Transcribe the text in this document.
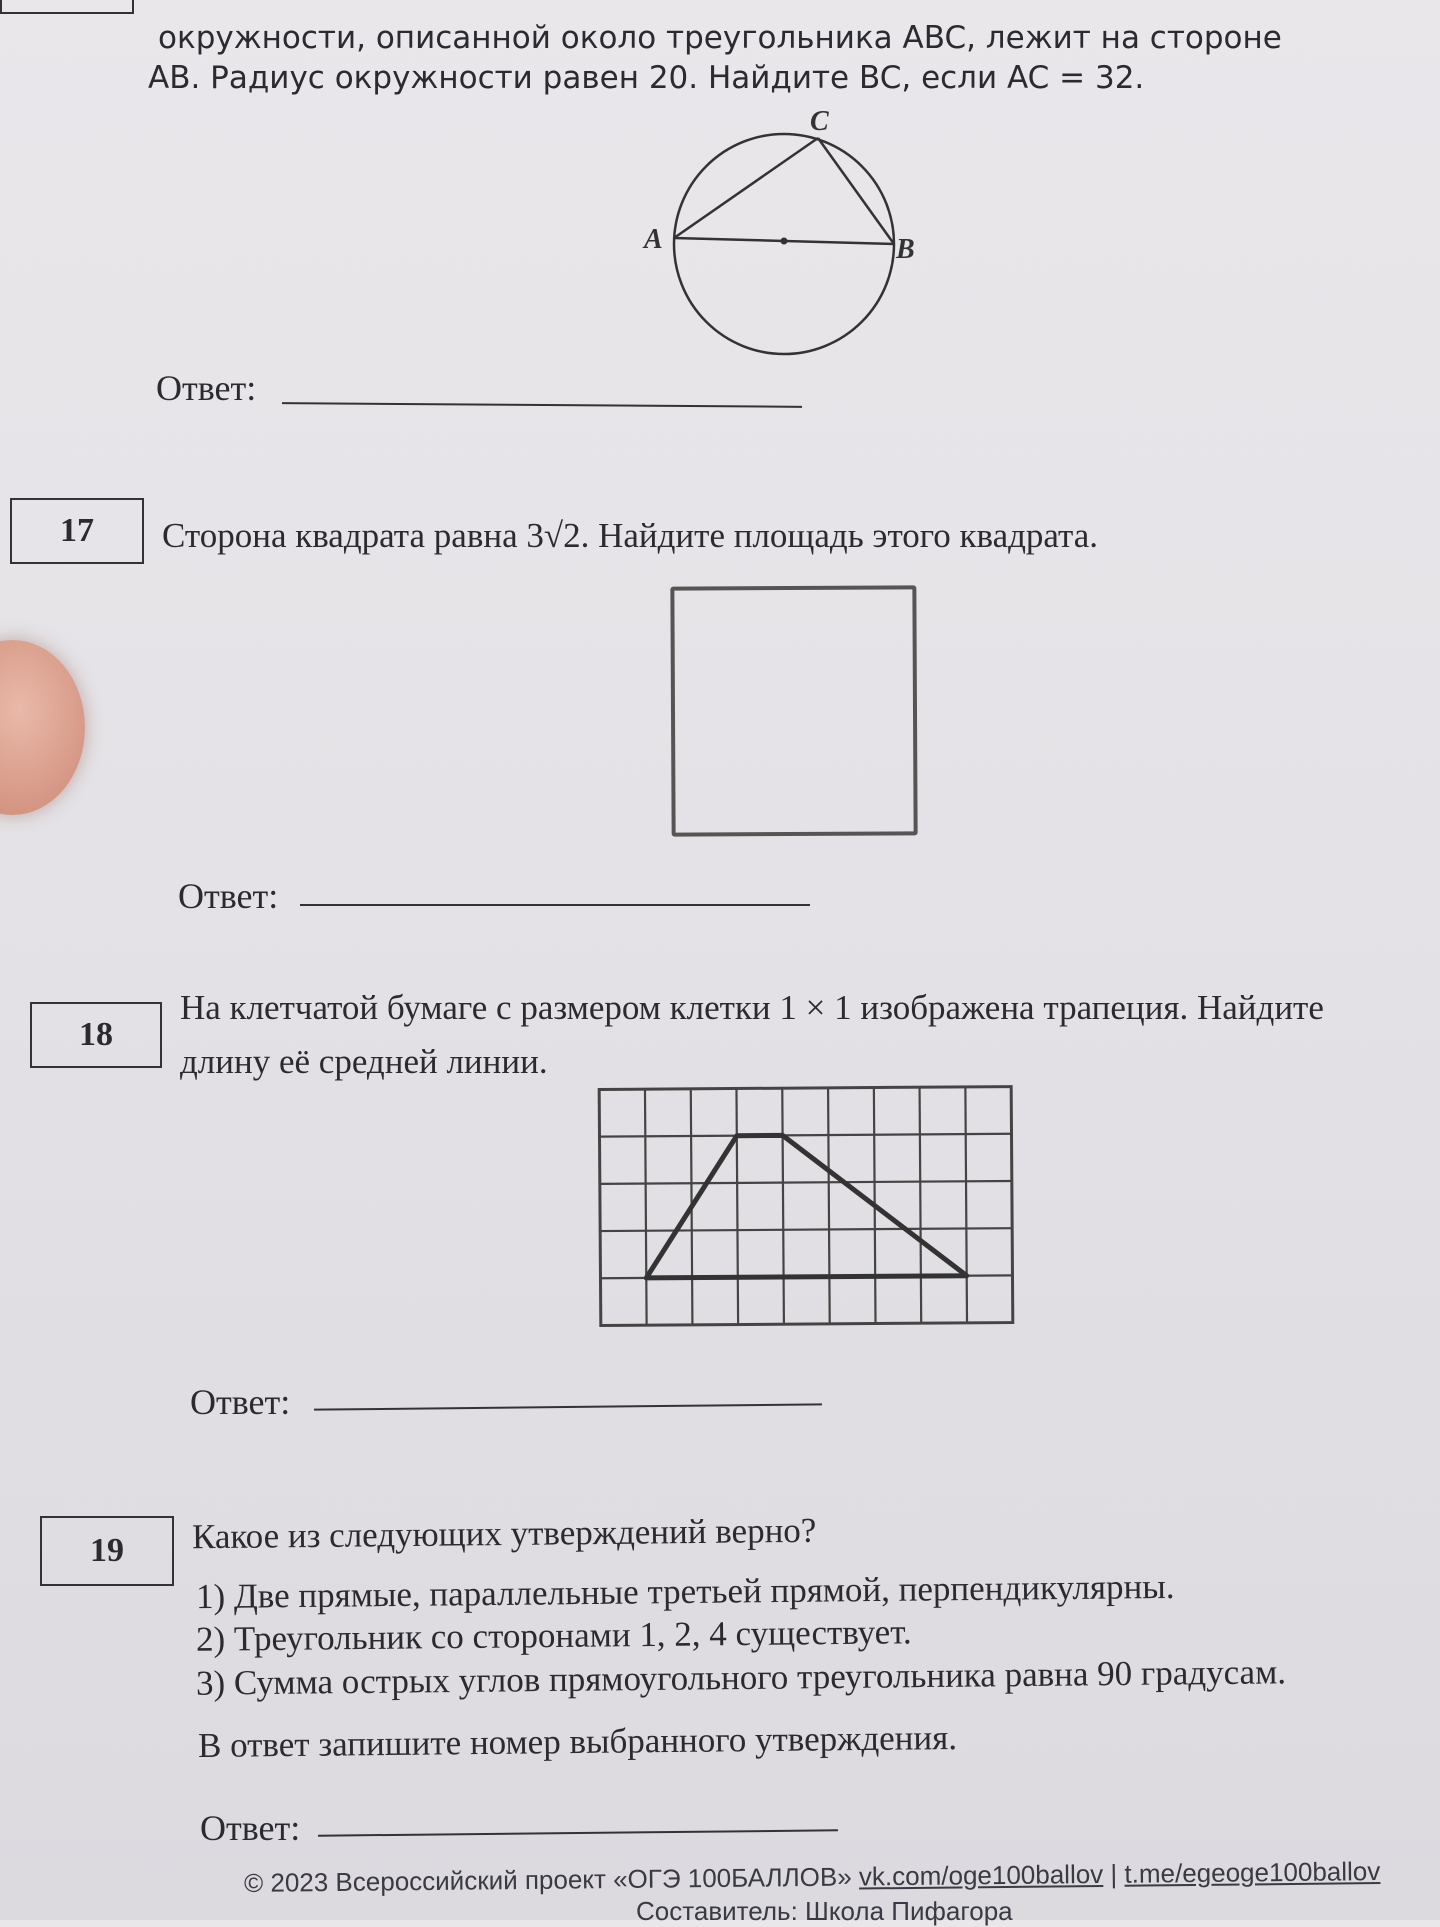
окружности, описанной около треугольника ABC, лежит на стороне
AB. Радиус окружности равен 20. Найдите BC, если AC = 32.
C
A	B
Ответ:
17	Сторона квадрата равна 3√2. Найдите площадь этого квадрата.
Ответ:
18
На клетчатой бумаге с размером клетки 1 × 1 изображена трапеция. Найдите
длину её средней линии.
Ответ:
19	Какое из следующих утверждений верно?
1) Две прямые, параллельные третьей прямой, перпендикулярны.
2) Треугольник со сторонами 1, 2, 4 существует.
3) Сумма острых углов прямоугольного треугольника равна 90 градусам.
В ответ запишите номер выбранного утверждения.
Ответ:
© 2023 Всероссийский проект «ОГЭ 100БАЛЛОВ» vk.com/oge100ballov | t.me/egeoge100ballov
Составитель: Школа Пифагора
